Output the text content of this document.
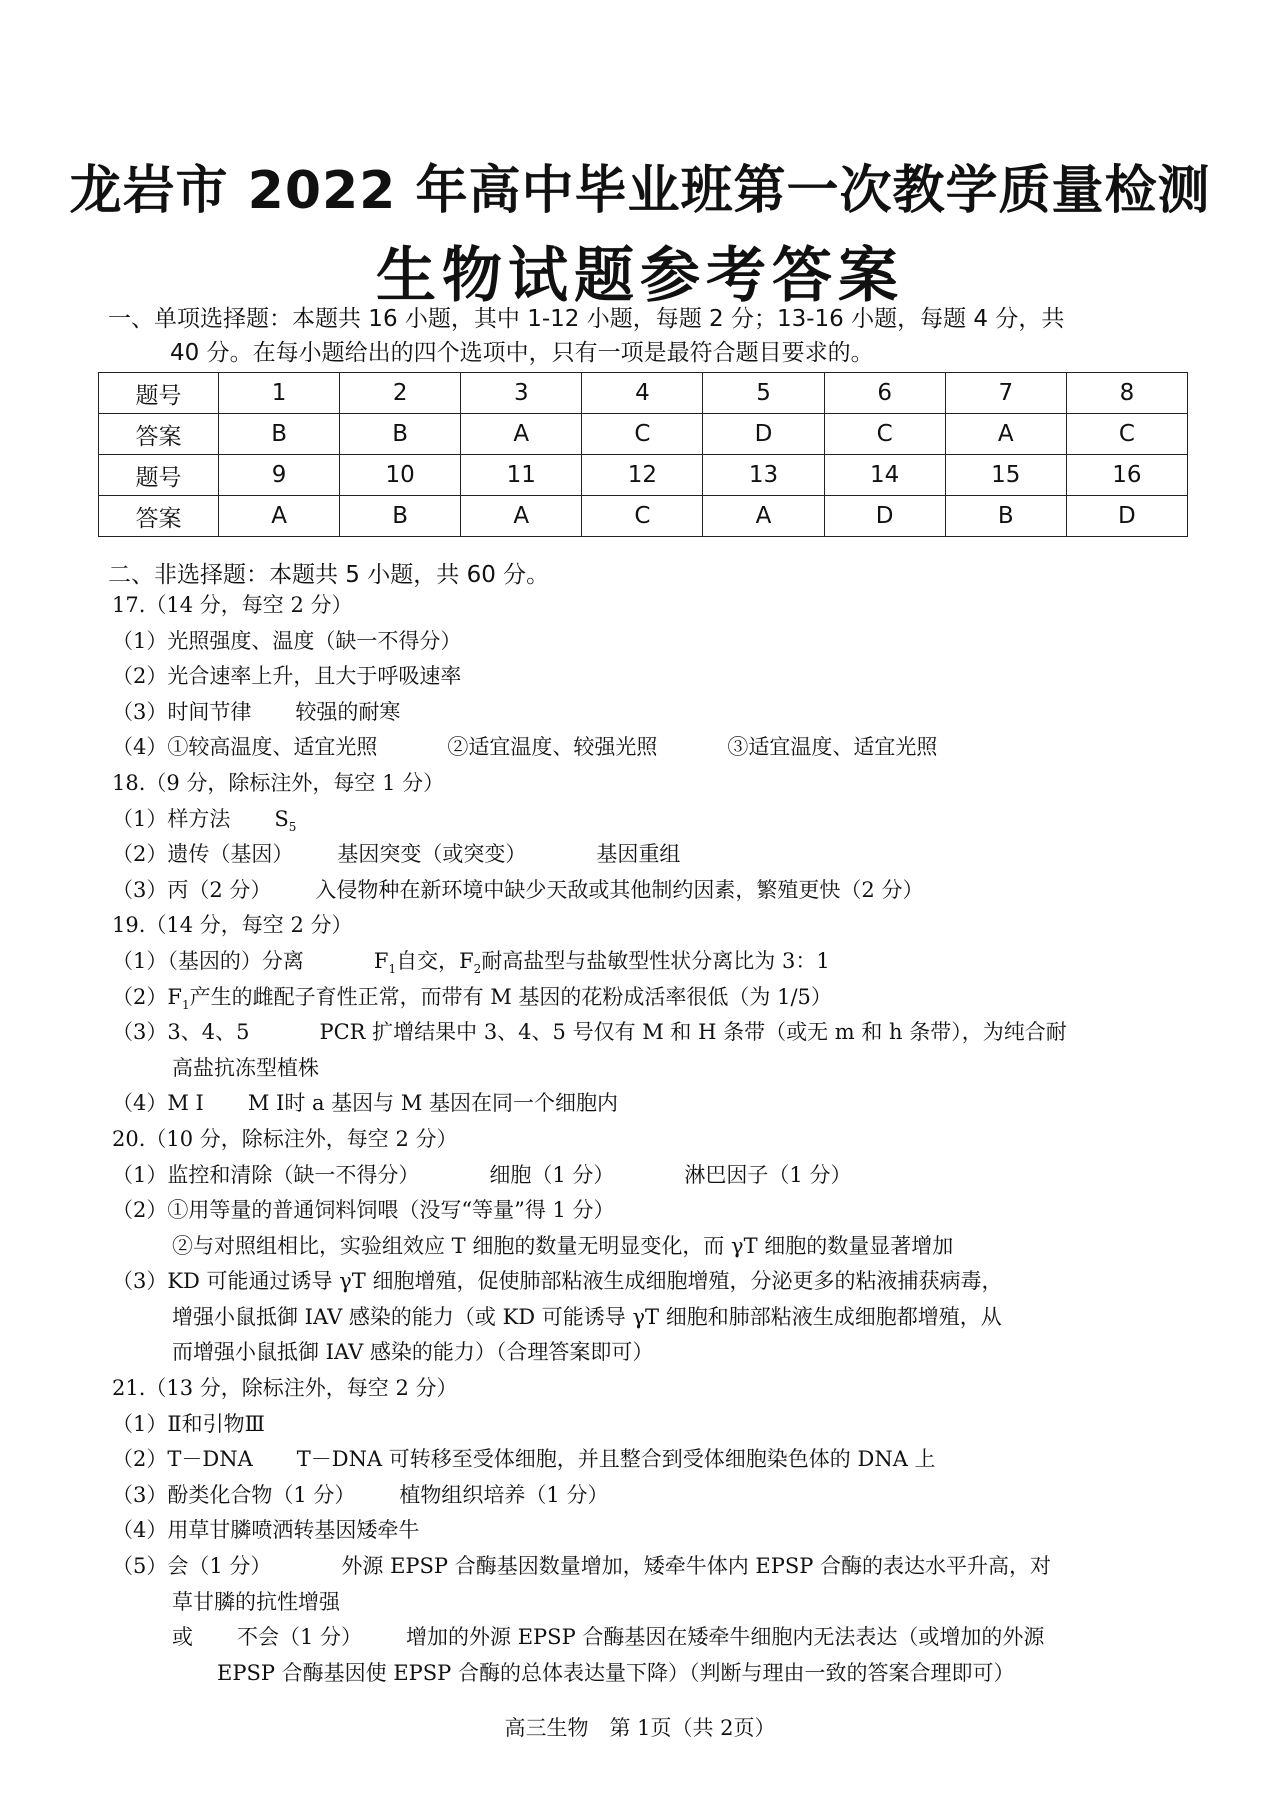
龙岩市 2022 年高中毕业班第一次教学质量检测
生物试题参考答案
一、单项选择题：本题共 16 小题，其中 1-12 小题，每题 2 分；13-16 小题，每题 4 分，共
40 分。在每小题给出的四个选项中，只有一项是最符合题目要求的。
题号	1	2	3	4	5	6	7	8
答案	B	B	A	C	D	C	A	C
题号	9	10	11	12	13	14	15	16
答案	A	B	A	C	A	D	B	D
二、非选择题：本题共 5 小题，共 60 分。
17.（14 分，每空 2 分）
（1）光照强度、温度（缺一不得分）
（2）光合速率上升，且大于呼吸速率
（3）时间节律 较强的耐寒
（4）①较高温度、适宜光照	②适宜温度、较强光照	③适宜温度、适宜光照
18.（9 分，除标注外，每空 1 分）
（1）样方法 $S_5$
（2）遗传（基因） 基因突变（或突变）	基因重组
（3）丙（2 分） 入侵物种在新环境中缺少天敌或其他制约因素，繁殖更快（2 分）
19.（14 分，每空 2 分）
（1）（基因的）分离	$F_1$自交，$F_2$耐高盐型与盐敏型性状分离比为 3：1
$(2)F_1$产生的雌配子育性正常，而带有 M 基因的花粉成活率很低（为 1/5）
（3）3、4、5	PCR 扩增结果中 3、4、5 号仅有 M 和 H 条带（或无 m 和 h 条带），为纯合耐
高盐抗冻型植株
（4）M Ⅰ M Ⅰ时 a 基因与 M 基因在同一个细胞内
20.（10 分，除标注外，每空 2 分）
（1）监控和清除（缺一不得分）	细胞（1 分）	淋巴因子（1 分）
（2）①用等量的普通饲料饲喂（没写“等量”得 1 分）
②与对照组相比，实验组效应 T 细胞的数量无明显变化，而 γT 细胞的数量显著增加
（3）KD 可能通过诱导 γT 细胞增殖，促使肺部粘液生成细胞增殖，分泌更多的粘液捕获病毒，
增强小鼠抵御 IAV 感染的能力（或 KD 可能诱导 γT 细胞和肺部粘液生成细胞都增殖，从
而增强小鼠抵御 IAV 感染的能力）（合理答案即可）
21.（13 分，除标注外，每空 2 分）
（1）Ⅱ和引物Ⅲ
（2）T－DNA T－DNA 可转移至受体细胞，并且整合到受体细胞染色体的 DNA 上
（3）酚类化合物（1 分） 植物组织培养（1 分）
（4）用草甘膦喷洒转基因矮牵牛
（5）会（1 分）	外源 EPSP 合酶基因数量增加，矮牵牛体内 EPSP 合酶的表达水平升高，对
草甘膦的抗性增强
或 不会（1 分） 增加的外源 EPSP 合酶基因在矮牵牛细胞内无法表达（或增加的外源
EPSP 合酶基因使 EPSP 合酶的总体表达量下降）（判断与理由一致的答案合理即可）
高三生物　第 1页（共 2页）
